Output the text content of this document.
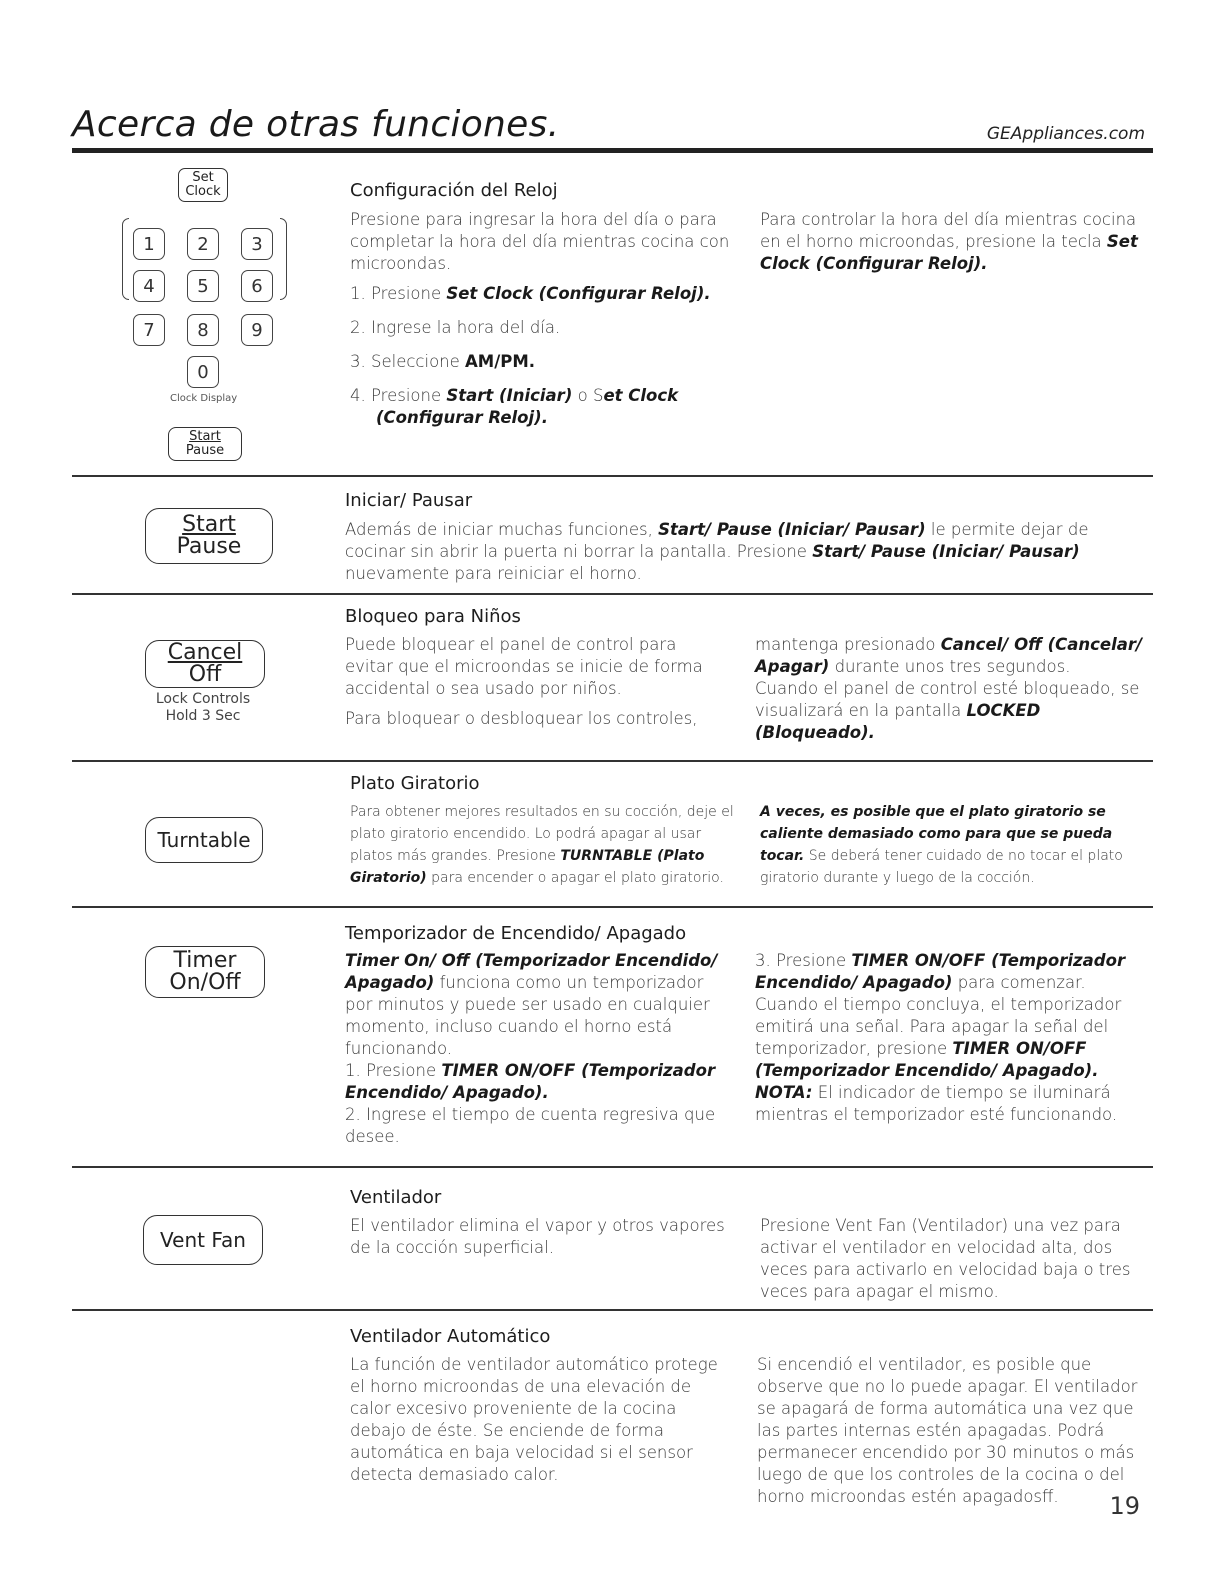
Acerca de otras funciones.	GEAppliances.com
Set
Clock
1	2	3
4	5	6
7	8	9
0
Clock Display
Start
Pause
Configuración del Reloj

Presione para ingresar la hora del día o para completar la hora del día mientras cocina con microondas.

1. Presione Set Clock (Configurar Reloj).

2. Ingrese la hora del día.

3. Seleccione AM/PM.

4. Presione Start (Iniciar) o Set Clock

(Configurar Reloj).

Para controlar la hora del día mientras cocina en el horno microondas, presione la tecla Set Clock (Configurar Reloj).

Start
Pause
Iniciar/ Pausar

Además de iniciar muchas funciones, Start/ Pause (Iniciar/ Pausar) le permite dejar de cocinar sin abrir la puerta ni borrar la pantalla. Presione Start/ Pause (Iniciar/ Pausar) nuevamente para reiniciar el horno.

Cancel
Off
Lock Controls
Hold 3 Sec
Bloqueo para Niños

Puede bloquear el panel de control para evitar que el microondas se inicie de forma accidental o sea usado por niños.

Para bloquear o desbloquear los controles,

mantenga presionado Cancel/ Off (Cancelar/ Apagar) durante unos tres segundos.

Cuando el panel de control esté bloqueado, se visualizará en la pantalla LOCKED (Bloqueado).

Turntable
Plato Giratorio

Para obtener mejores resultados en su cocción, deje el plato giratorio encendido. Lo podrá apagar al usar platos más grandes. Presione TURNTABLE (Plato Giratorio) para encender o apagar el plato giratorio.

A veces, es posible que el plato giratorio se caliente demasiado como para que se pueda tocar. Se deberá tener cuidado de no tocar el plato giratorio durante y luego de la cocción.

Timer
On/Off
Temporizador de Encendido/ Apagado

Timer On/ Off (Temporizador Encendido/ Apagado) funciona como un temporizador por minutos y puede ser usado en cualquier momento, incluso cuando el horno está funcionando.

1. Presione TIMER ON/OFF (Temporizador Encendido/ Apagado).

2. Ingrese el tiempo de cuenta regresiva que desee.

3. Presione TIMER ON/OFF (Temporizador Encendido/ Apagado) para comenzar.

Cuando el tiempo concluya, el temporizador emitirá una señal. Para apagar la señal del temporizador, presione TIMER ON/OFF (Temporizador Encendido/ Apagado).

NOTA: El indicador de tiempo se iluminará mientras el temporizador esté funcionando.

Vent Fan
Ventilador

El ventilador elimina el vapor y otros vapores de la cocción superficial.

Presione Vent Fan (Ventilador) una vez para activar el ventilador en velocidad alta, dos veces para activarlo en velocidad baja o tres veces para apagar el mismo.

Ventilador Automático

La función de ventilador automático protege el horno microondas de una elevación de calor excesivo proveniente de la cocina debajo de éste. Se enciende de forma automática en baja velocidad si el sensor detecta demasiado calor.

Si encendió el ventilador, es posible que observe que no lo puede apagar. El ventilador se apagará de forma automática una vez que las partes internas estén apagadas. Podrá permanecer encendido por 30 minutos o más luego de que los controles de la cocina o del horno microondas estén apagadosff.	19
